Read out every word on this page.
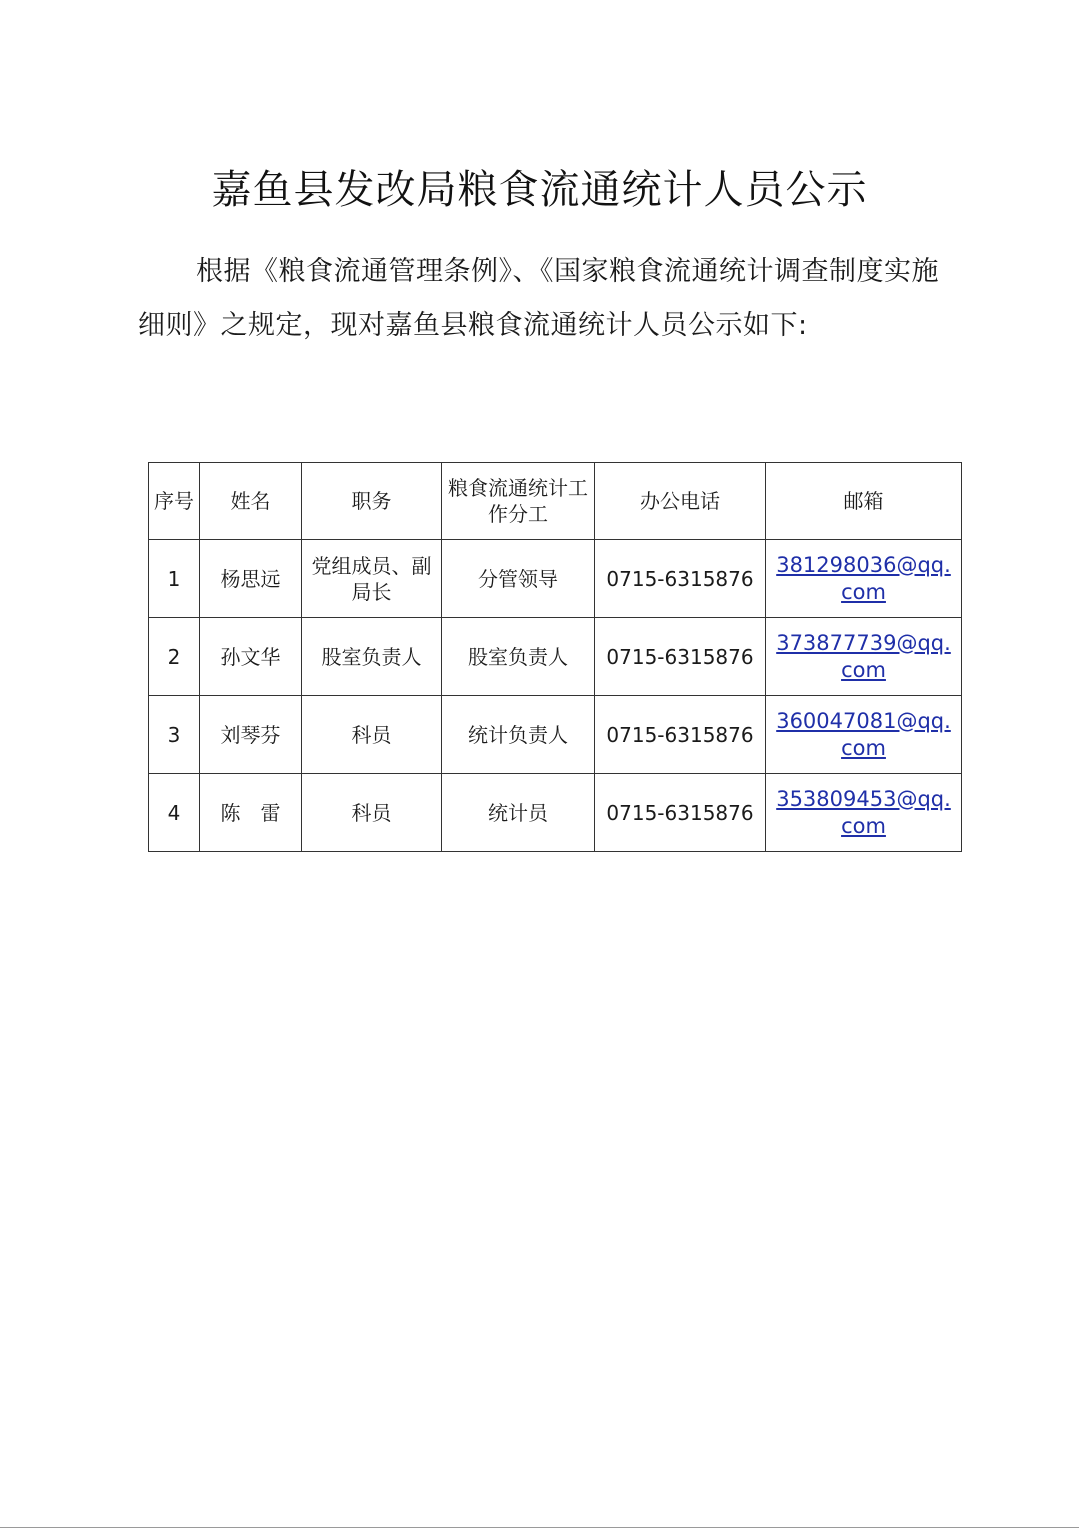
嘉鱼县发改局粮食流通统计人员公示
根据《粮食流通管理条例》、《国家粮食流通统计调查制度实施细则》之规定，现对嘉鱼县粮食流通统计人员公示如下:
序号	姓名	职务	粮食流通统计工作分工	办公电话	邮箱
1	杨思远	党组成员、副局长	分管领导	0715-6315876	381298036@qq.com
2	孙文华	股室负责人	股室负责人	0715-6315876	373877739@qq.com
3	刘琴芬	科员	统计负责人	0715-6315876	360047081@qq.com
4	陈　雷	科员	统计员	0715-6315876	353809453@qq.com
